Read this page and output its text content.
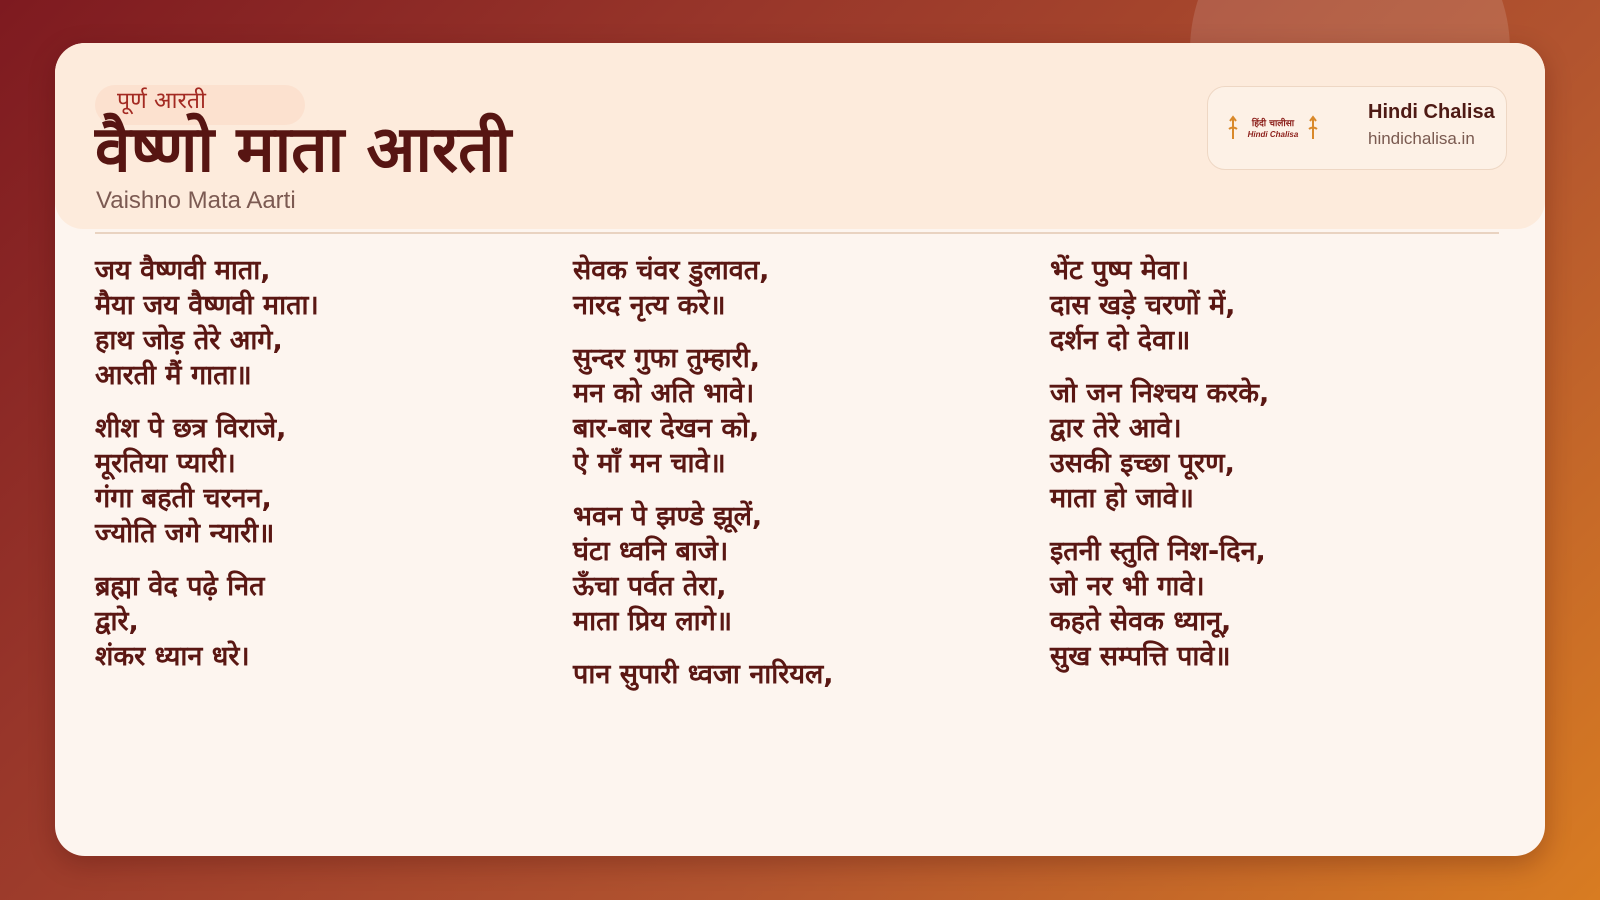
पूर्ण आरती
वैष्णो माता आरती
Vaishno Mata Aarti
हिंदी चालीसा
Hindi Chalisa
Hindi Chalisa
hindichalisa.in
जय वैष्णवी माता,
मैया जय वैष्णवी माता।
हाथ जोड़ तेरे आगे,
आरती मैं गाता॥
शीश पे छत्र विराजे,
मूरतिया प्यारी।
गंगा बहती चरनन,
ज्योति जगे न्यारी॥
ब्रह्मा वेद पढ़े नित
द्वारे,
शंकर ध्यान धरे।
सेवक चंवर डुलावत,
नारद नृत्य करे॥
सुन्दर गुफा तुम्हारी,
मन को अति भावे।
बार-बार देखन को,
ऐ माँ मन चावे॥
भवन पे झण्डे झूलें,
घंटा ध्वनि बाजे।
ऊँचा पर्वत तेरा,
माता प्रिय लागे॥
पान सुपारी ध्वजा नारियल,
भेंट पुष्प मेवा।
दास खड़े चरणों में,
दर्शन दो देवा॥
जो जन निश्चय करके,
द्वार तेरे आवे।
उसकी इच्छा पूरण,
माता हो जावे॥
इतनी स्तुति निश-दिन,
जो नर भी गावे।
कहते सेवक ध्यानू,
सुख सम्पत्ति पावे॥
